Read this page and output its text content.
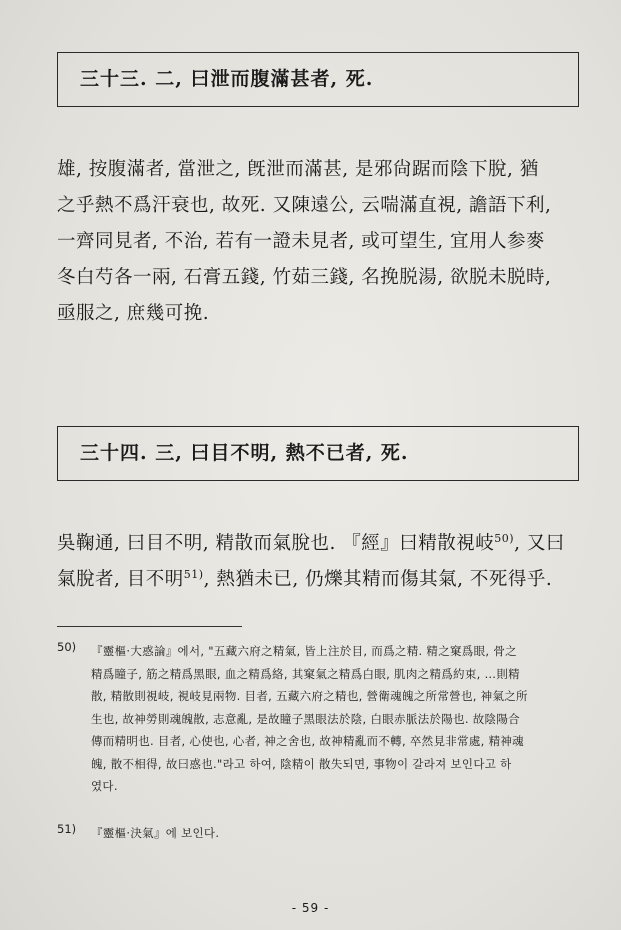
三十三. 二, 曰泄而腹滿甚者, 死.
雄, 按腹滿者, 當泄之, 旣泄而滿甚, 是邪尙踞而陰下脫, 猶
之乎熱不爲汗衰也, 故死. 又陳遠公, 云喘滿直視, 譫語下利,
一齊同見者, 不治, 若有一證未見者, 或可望生, 宜用人参麥
冬白芍各一兩, 石膏五錢, 竹茹三錢, 名挽脱湯, 欲脱未脱時,
亟服之, 庶幾可挽.
三十四. 三, 曰目不明, 熱不已者, 死.
吳鞠通, 曰目不明, 精散而氣脫也. 『經』曰精散視岐$^{50)}$, 又曰
氣脫者, 目不明$^{51)}$, 熱猶未已, 仍爍其精而傷其氣, 不死得乎.
50)	『靈樞·大惑論』에서, "五藏六府之精氣, 皆上注於目, 而爲之精. 精之窠爲眼, 骨之
精爲瞳子, 筋之精爲黑眼, 血之精爲絡, 其窠氣之精爲白眼, 肌肉之精爲約束, …則精
散, 精散則視岐, 視岐見兩物. 目者, 五藏六府之精也, 營衛魂魄之所常營也, 神氣之所
生也, 故神勞則魂魄散, 志意亂, 是故瞳子黑眼法於陰, 白眼赤脈法於陽也. 故陰陽合
傳而精明也. 目者, 心使也, 心者, 神之舍也, 故神精亂而不轉, 卒然見非常處, 精神魂
魄, 散不相得, 故曰惑也."라고 하여, 陰精이 散失되면, 事物이 갈라져 보인다고 하
였다.
51)	『靈樞·決氣』에 보인다.
- 59 -
